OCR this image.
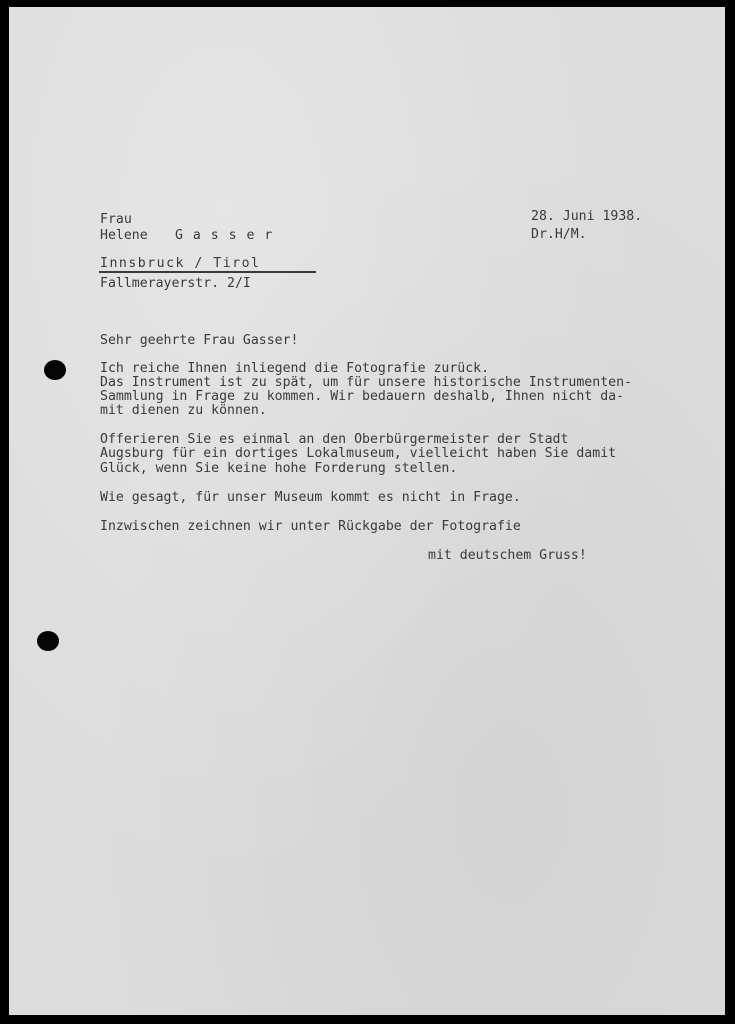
Frau
Helene G a s s e r
Innsbruck / Tirol
Fallmerayerstr. 2/I
28. Juni 1938.
Dr.H/M.
Sehr geehrte Frau Gasser!
Ich reiche Ihnen inliegend die Fotografie zurück.
Das Instrument ist zu spät, um für unsere historische Instrumenten-
Sammlung in Frage zu kommen. Wir bedauern deshalb, Ihnen nicht da-
mit dienen zu können.
Offerieren Sie es einmal an den Oberbürgermeister der Stadt
Augsburg für ein dortiges Lokalmuseum, vielleicht haben Sie damit
Glück, wenn Sie keine hohe Forderung stellen.
Wie gesagt, für unser Museum kommt es nicht in Frage.
Inzwischen zeichnen wir unter Rückgabe der Fotografie
mit deutschem Gruss!
